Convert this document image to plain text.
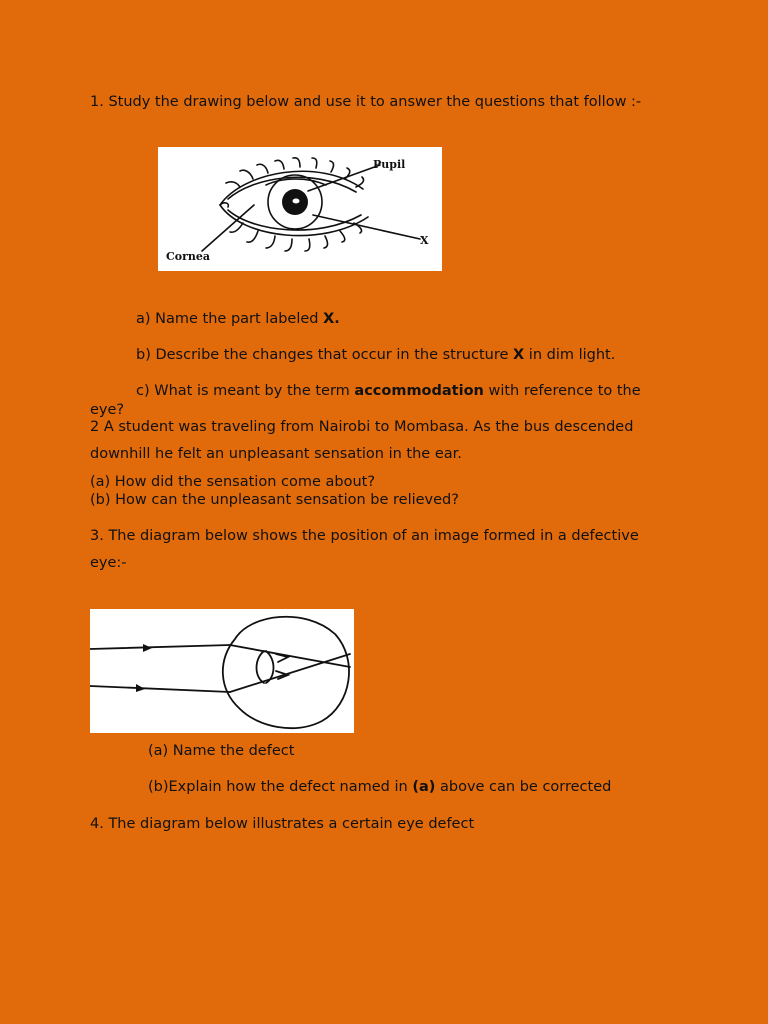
1. Study the drawing below and use it to answer the questions that follow :-
Pupil
X
Cornea
a) Name the part labeled X.
b) Describe the changes that occur in the structure X in dim light.
c) What is meant by the term accommodation with reference to the
eye?
2 A student was traveling from Nairobi to Mombasa. As the bus descended
downhill he felt an unpleasant sensation in the ear.
(a) How did the sensation come about?
(b) How can the unpleasant sensation be relieved?
3. The diagram below shows the position of an image formed in a defective
eye:-
(a) Name the defect
(b)Explain how the defect named in (a) above can be corrected
4. The diagram below illustrates a certain eye defect
